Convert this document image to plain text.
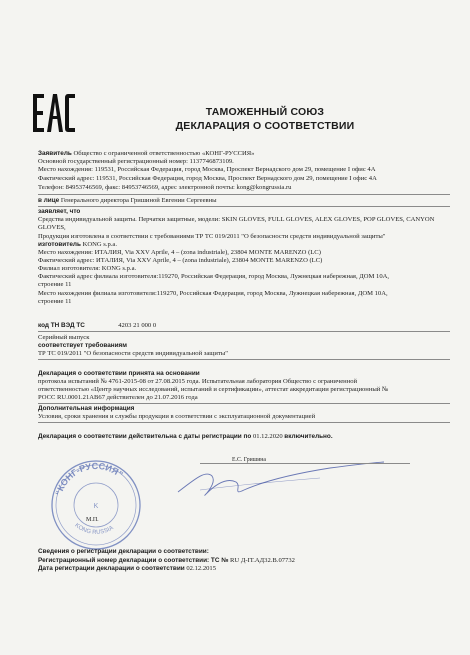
ТАМОЖЕННЫЙ СОЮЗ
ДЕКЛАРАЦИЯ О СООТВЕТСТВИИ
Заявитель Общество с ограниченной ответственностью «КОНГ-РУССИЯ»
Основной государственный регистрационный номер: 1137746873109.
Место нахождения: 119531, Российская Федерация, город Москва, Проспект Вернадского дом 29, помещение I офис 4А
Фактический адрес: 119531, Российская Федерация, город Москва, Проспект Вернадского дом 29, помещение I офис 4А
Телефон: 84953746569, факс: 84953746569, адрес электронной почты: kong@kongrussia.ru
в лице Генерального директора Гришиной Евгении Сергеевны
заявляет, что
Средства индивидуальной защиты. Перчатки защитные, модели: SKIN GLOVES, FULL GLOVES, ALEX GLOVES, POP GLOVES, CANYON GLOVES,
Продукция изготовлена в соответствии с требованиями ТР ТС 019/2011 "О безопасности средств индивидуальной защиты"
изготовитель KONG s.p.a.
Место нахождения: ИТАЛИЯ, Via XXV Aprile, 4 – (zona industriale), 23804 MONTE MARENZO (LC)
Фактический адрес: ИТАЛИЯ, Via XXV Aprile, 4 – (zona industriale), 23804 MONTE MARENZO (LC)
Филиал изготовителя: KONG s.p.a.
Фактический адрес филиала изготовителя:119270, Российская Федерация, город Москва, Лужнецкая набережная, ДОМ 10А,
строение 11
Место нахождения филиала изготовителя:119270, Российская Федерация, город Москва, Лужнецкая набережная, ДОМ 10А,
строение 11
код ТН ВЭД ТС	4203 21 000 0
Серийный выпуск
соответствует требованиям
ТР ТС 019/2011 "О безопасности средств индивидуальной защиты"
Декларация о соответствии принята на основании
протокола испытаний № 4761-2015-08 от 27.08.2015 года. Испытательная лаборатория Общество с ограниченной
ответственностью «Центр научных исследований, испытаний и сертификации», аттестат аккредитации регистрационный №
РОСС RU.0001.21АВ67 действителен до 21.07.2016 года
Дополнительная информация
Условия, сроки хранения и службы продукции в соответствии с эксплуатационной документацией
Декларация о соответствии действительна с даты регистрации по 01.12.2020 включительно.
“КОНГ-РУССИЯ”
KONG RUSSIA
K
Е.С. Гришина
М.П.
Сведения о регистрации декларации о соответствии:
Регистрационный номер декларации о соответствии: ТС № RU Д-IT.АД32.В.07732
Дата регистрации декларации о соответствии 02.12.2015
